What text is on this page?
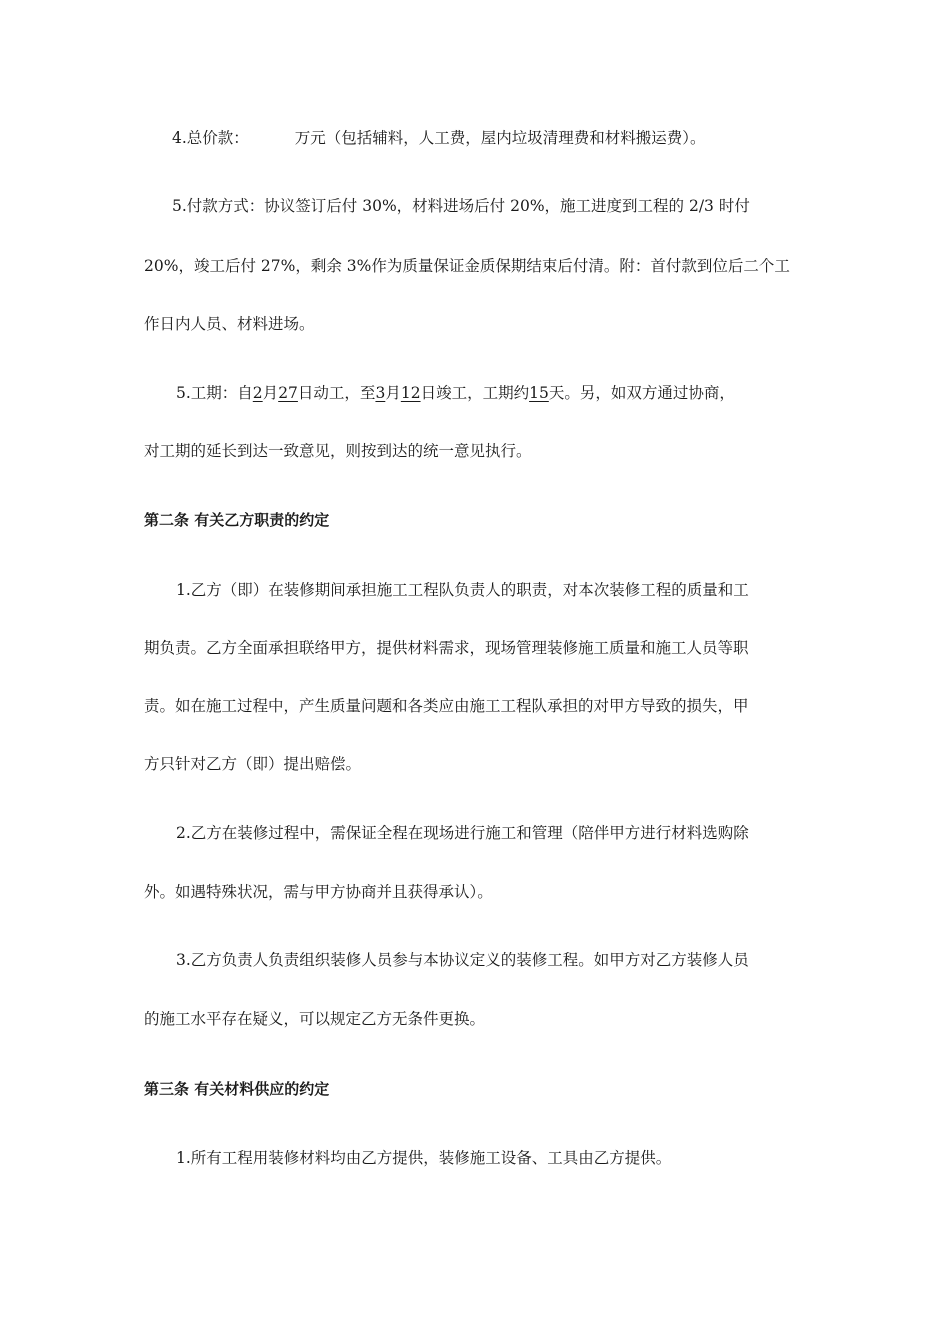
4.总价款：	万元（包括辅料，人工费，屋内垃圾清理费和材料搬运费）。
5.付款方式：协议签订后付 30%，材料进场后付 20%，施工进度到工程的 2/3 时付
20%，竣工后付 27%，剩余 3%作为质量保证金质保期结束后付清。附：首付款到位后二个工
作日内人员、材料进场。
5.工期：自2月27日动工，至3月12日竣工，工期约15天。另，如双方通过协商，
对工期的延长到达一致意见，则按到达的统一意见执行。
第二条 有关乙方职责的约定
1.乙方（即）在装修期间承担施工工程队负责人的职责，对本次装修工程的质量和工
期负责。乙方全面承担联络甲方，提供材料需求，现场管理装修施工质量和施工人员等职
责。如在施工过程中，产生质量问题和各类应由施工工程队承担的对甲方导致的损失，甲
方只针对乙方（即）提出赔偿。
2.乙方在装修过程中，需保证全程在现场进行施工和管理（陪伴甲方进行材料选购除
外。如遇特殊状况，需与甲方协商并且获得承认）。
3.乙方负责人负责组织装修人员参与本协议定义的装修工程。如甲方对乙方装修人员
的施工水平存在疑义，可以规定乙方无条件更换。
第三条 有关材料供应的约定
1.所有工程用装修材料均由乙方提供，装修施工设备、工具由乙方提供。
